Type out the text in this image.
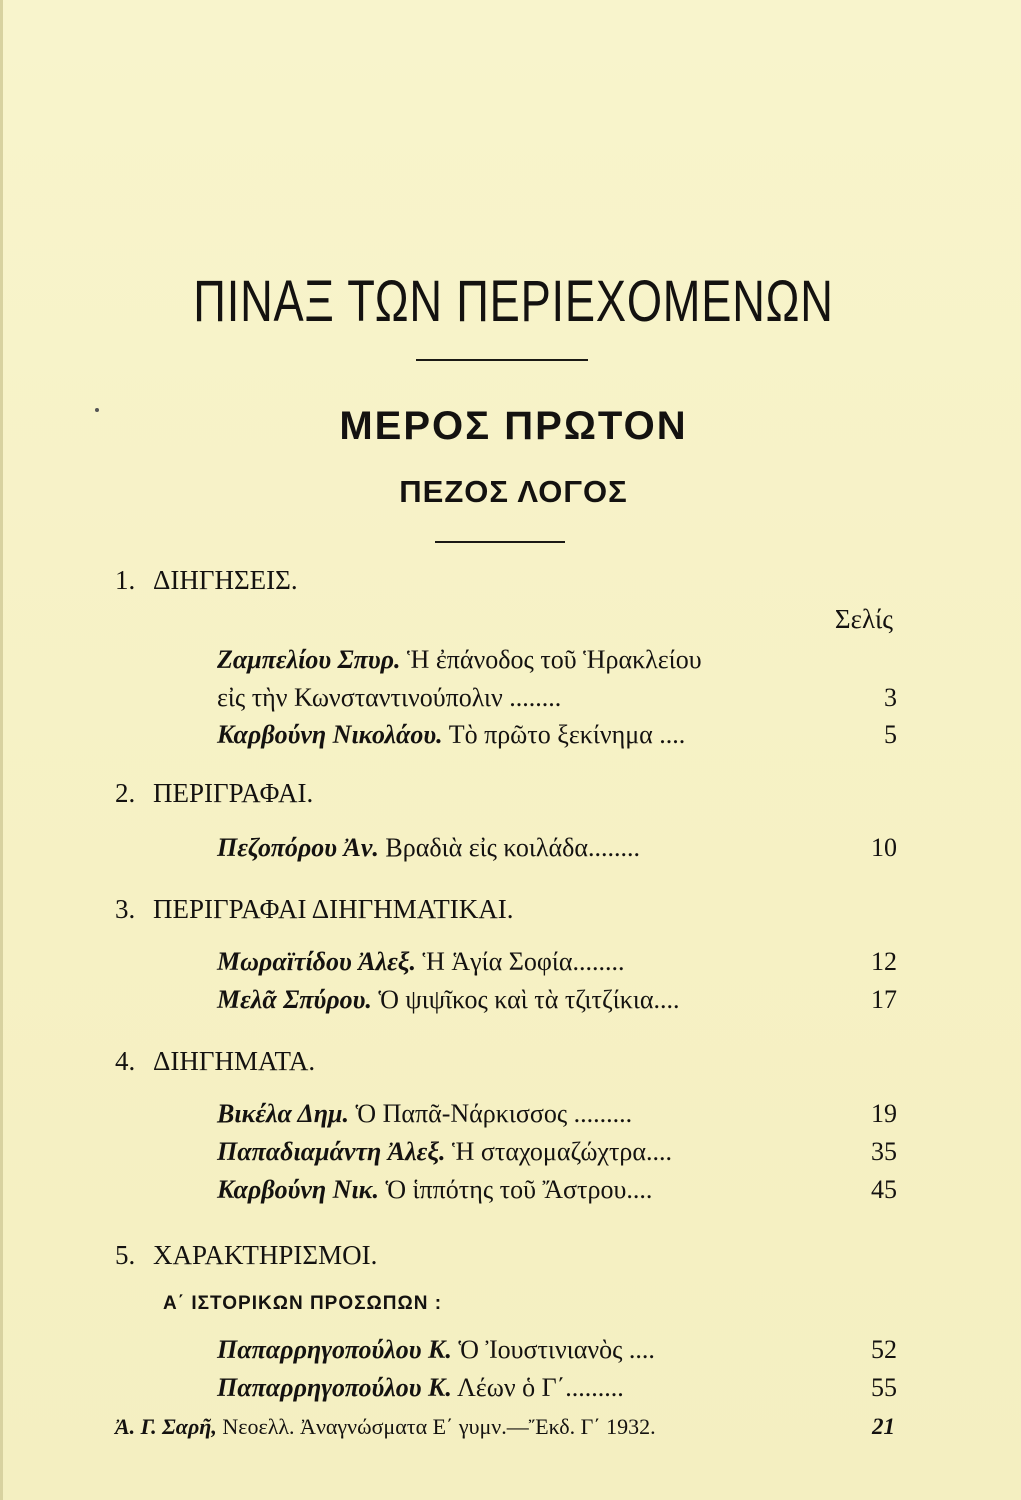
ΠΙΝΑΞ ΤΩΝ ΠΕΡΙΕΧΟΜΕΝΩΝ
ΜΕΡΟΣ ΠΡΩΤΟΝ
ΠΕΖΟΣ ΛΟΓΟΣ
1. ΔΙΗΓΗΣΕΙΣ.
Σελίς
Ζαμπελίου Σπυρ. Ἡ ἐπάνοδος τοῦ Ἡρακλείου
εἰς τὴν Κωνσταντινούπολιν ........	3
Καρβούνη Νικολάου. Τὸ πρῶτο ξεκίνημα ....	5
2. ΠΕΡΙΓΡΑΦΑΙ.
Πεζοπόρου Ἀν. Βραδιὰ εἰς κοιλάδα........	10
3. ΠΕΡΙΓΡΑΦΑΙ ΔΙΗΓΗΜΑΤΙΚΑΙ.
Μωραϊτίδου Ἀλεξ. Ἡ Ἁγία Σοφία........	12
Μελᾶ Σπύρου. Ὁ ψιψῖκος καὶ τὰ τζιτζίκια....	17
4. ΔΙΗΓΗΜΑΤΑ.
Βικέλα Δημ. Ὁ Παπᾶ-Νάρκισσος .........	19
Παπαδιαμάντη Ἀλεξ. Ἡ σταχομαζώχτρα....	35
Καρβούνη Νικ. Ὁ ἱππότης τοῦ Ἄστρου....	45
5. ΧΑΡΑΚΤΗΡΙΣΜΟΙ.
Α΄ ΙΣΤΟΡΙΚΩΝ ΠΡΟΣΩΠΩΝ :
Παπαρρηγοπούλου Κ. Ὁ Ἰουστινιανὸς ....	52
Παπαρρηγοπούλου Κ. Λέων ὁ Γ΄.........	55
Ἀ. Γ. Σαρῆ, Νεοελλ. Ἀναγνώσματα Ε΄ γυμν.—Ἔκδ. Γ΄ 1932.	21
